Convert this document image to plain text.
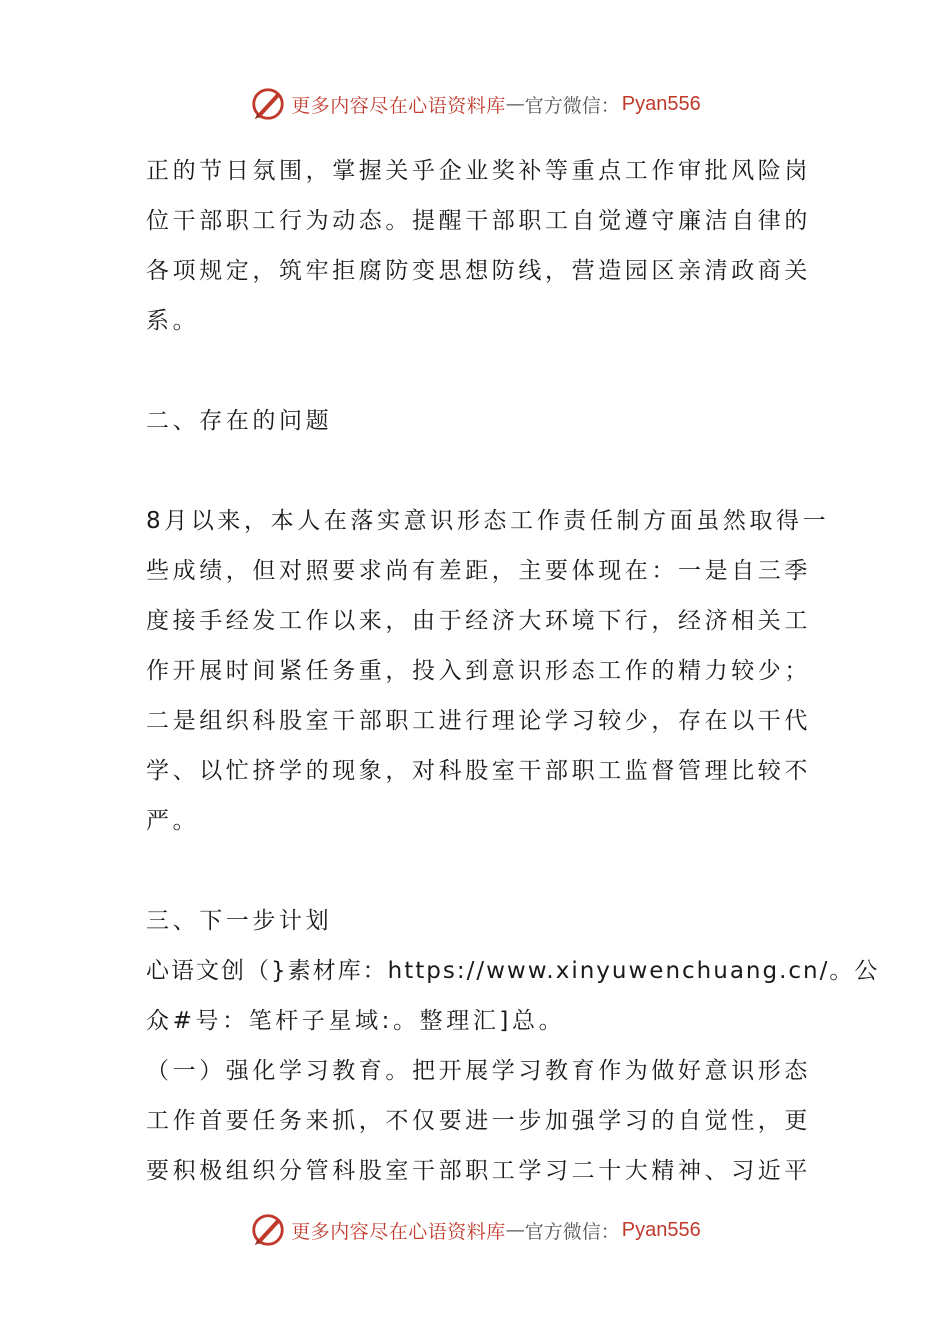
更多内容尽在心语资料库 — 官方微信： Pyan556
正的节日氛围，掌握关乎企业奖补等重点工作审批风险岗
位干部职工行为动态。提醒干部职工自觉遵守廉洁自律的
各项规定，筑牢拒腐防变思想防线，营造园区亲清政商关
系。
二、存在的问题
8月以来，本人在落实意识形态工作责任制方面虽然取得一
些成绩，但对照要求尚有差距，主要体现在：一是自三季
度接手经发工作以来，由于经济大环境下行，经济相关工
作开展时间紧任务重，投入到意识形态工作的精力较少；
二是组织科股室干部职工进行理论学习较少，存在以干代
学、以忙挤学的现象，对科股室干部职工监督管理比较不
严。
三、下一步计划
心语文创（}素材库：https://www.xinyuwenchuang.cn/。公
众#号：笔杆子星域:。整理汇]总。
（一）强化学习教育。把开展学习教育作为做好意识形态
工作首要任务来抓，不仅要进一步加强学习的自觉性，更
要积极组织分管科股室干部职工学习二十大精神、习近平
更多内容尽在心语资料库 — 官方微信： Pyan556
